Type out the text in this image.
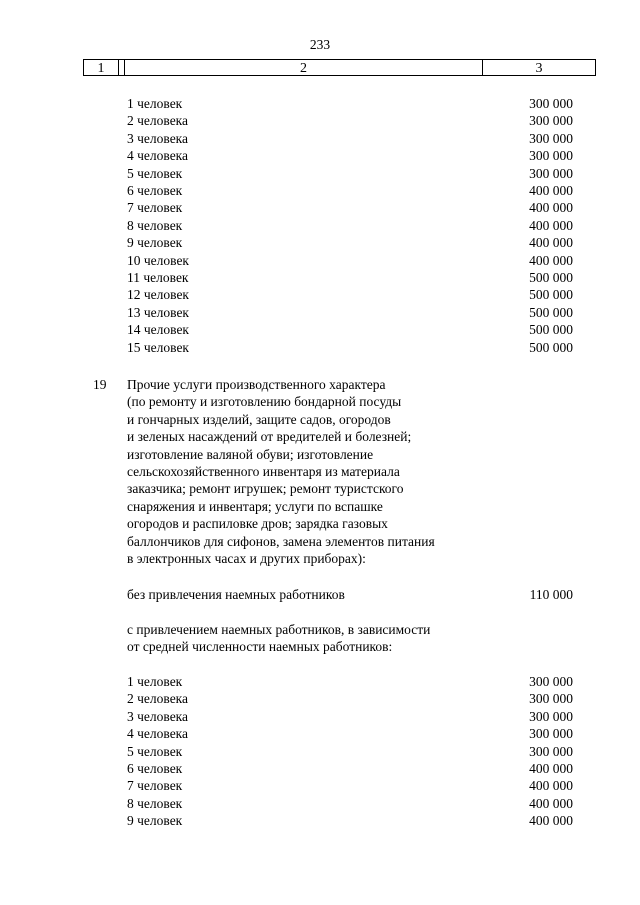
233
1	2	3
1 человек	300 000
2 человека	300 000
3 человека	300 000
4 человека	300 000
5 человек	300 000
6 человек	400 000
7 человек	400 000
8 человек	400 000
9 человек	400 000
10 человек	400 000
11 человек	500 000
12 человек	500 000
13 человек	500 000
14 человек	500 000
15 человек	500 000
19 Прочие услуги производственного характера
(по ремонту и изготовлению бондарной посуды
и гончарных изделий, защите садов, огородов
и зеленых насаждений от вредителей и болезней;
изготовление валяной обуви; изготовление
сельскохозяйственного инвентаря из материала
заказчика; ремонт игрушек; ремонт туристского
снаряжения и инвентаря; услуги по вспашке
огородов и распиловке дров; зарядка газовых
баллончиков для сифонов, замена элементов питания
в электронных часах и других приборах):
без привлечения наемных работников	110 000
с привлечением наемных работников, в зависимости
от средней численности наемных работников:
1 человек	300 000
2 человека	300 000
3 человека	300 000
4 человека	300 000
5 человек	300 000
6 человек	400 000
7 человек	400 000
8 человек	400 000
9 человек	400 000
